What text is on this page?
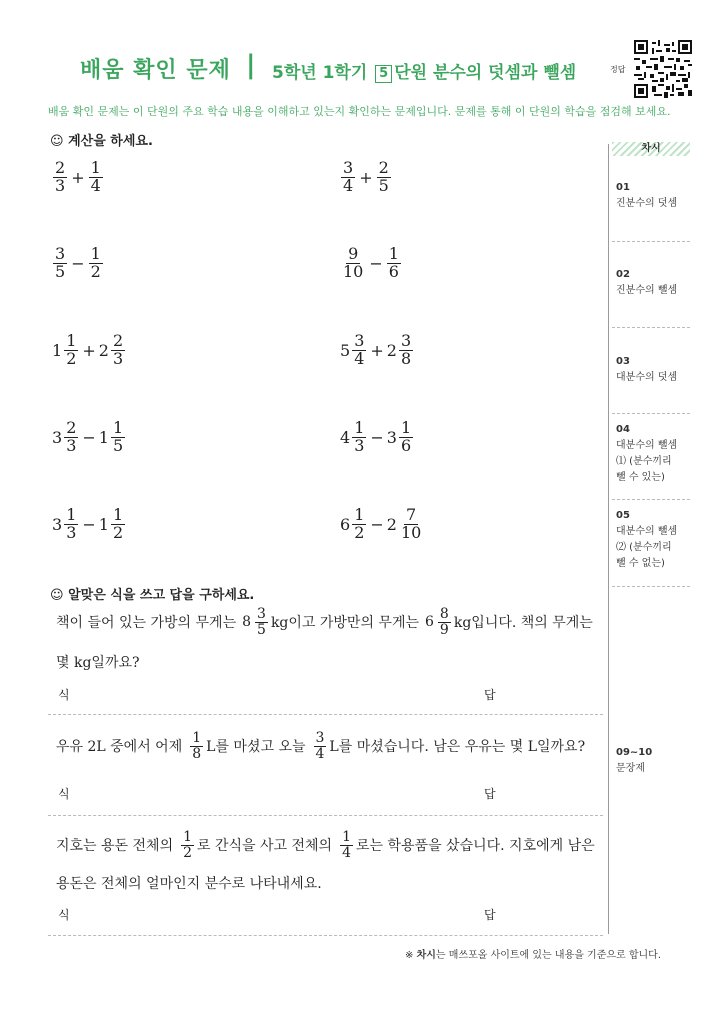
배움 확인 문제 | 5학년 1학기 5 단원 분수의 덧셈과 뺄셈	정답
배움 확인 문제는 이 단원의 주요 학습 내용을 이해하고 있는지 확인하는 문제입니다. 문제를 통해 이 단원의 학습을 점검해 보세요.
☺ 계산을 하세요.
$\frac{2}{3} + \frac{1}{4}$	$\frac{3}{4} + \frac{2}{5}$
$\frac{3}{5} - \frac{1}{2}$	$\frac{9}{10} - \frac{1}{6}$
$1 \frac{1}{2} + 2 \frac{2}{3}$	$5 \frac{3}{4} + 2 \frac{3}{8}$
$3 \frac{2}{3} - 1 \frac{1}{5}$	$4 \frac{1}{3} - 3 \frac{1}{6}$
$3 \frac{1}{3} - 1 \frac{1}{2}$	$6 \frac{1}{2} - 2 \frac{7}{10}$
☺ 알맞은 식을 쓰고 답을 구하세요.
책이 들어 있는 가방의 무게는 $8 \frac{3}{5}$ kg이고 가방만의 무게는 $6 \frac{8}{9}$ kg입니다. 책의 무게는
몇 kg일까요?
식	답
우유 2L 중에서 어제 $\frac{1}{8}$ L를 마셨고 오늘 $\frac{3}{4}$ L를 마셨습니다. 남은 우유는 몇 L일까요?
식	답
지호는 용돈 전체의 $\frac{1}{2}$ 로 간식을 사고 전체의 $\frac{1}{4}$ 로는 학용품을 샀습니다. 지호에게 남은
용돈은 전체의 얼마인지 분수로 나타내세요.
식	답
차시
01
진분수의 덧셈
02
진분수의 뺄셈
03
대분수의 덧셈
04
대분수의 뺄셈
⑴ (분수끼리
뺄 수 있는)
05
대분수의 뺄셈
⑵ (분수끼리
뺄 수 없는)
09~10
문장제
※ 차시는 매쓰포올 사이트에 있는 내용을 기준으로 합니다.
